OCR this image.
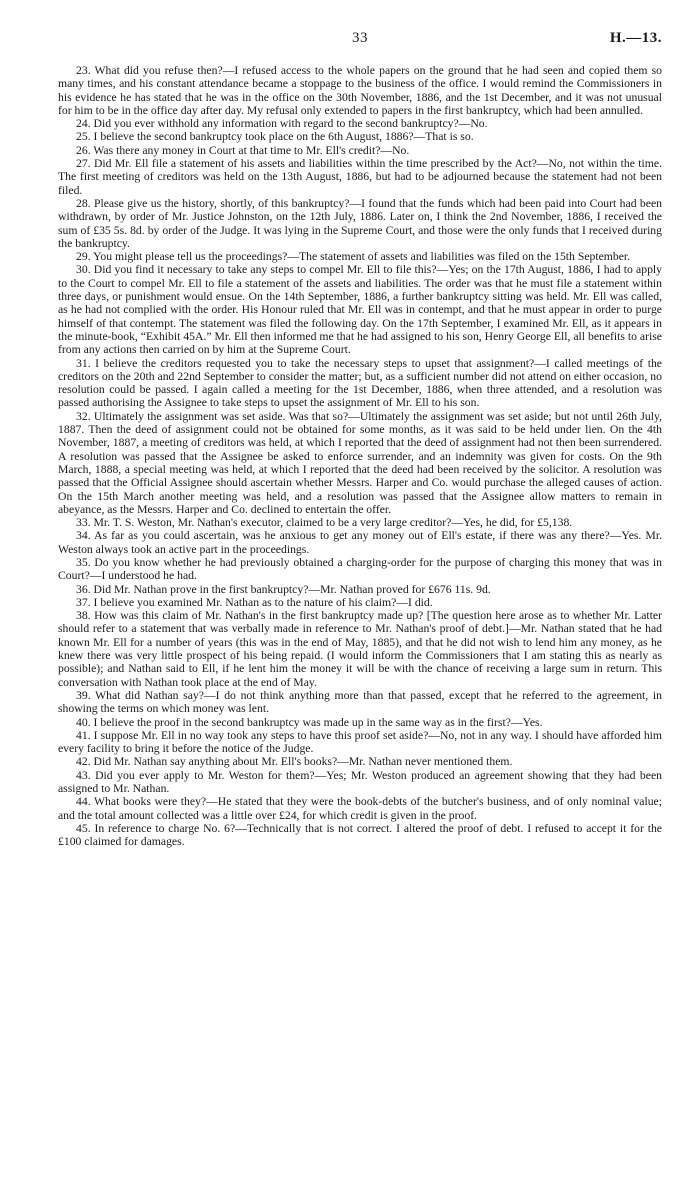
33	H.—13.

23. What did you refuse then?—I refused access to the whole papers on the ground that he had seen and copied them so many times, and his constant attendance became a stoppage to the business of the office. I would remind the Commissioners in his evidence he has stated that he was in the office on the 30th November, 1886, and the 1st December, and it was not unusual for him to be in the office day after day. My refusal only extended to papers in the first bankruptcy, which had been annulled.

24. Did you ever withhold any information with regard to the second bankruptcy?—No.

25. I believe the second bankruptcy took place on the 6th August, 1886?—That is so.

26. Was there any money in Court at that time to Mr. Ell's credit?—No.

27. Did Mr. Ell file a statement of his assets and liabilities within the time prescribed by the Act?—No, not within the time. The first meeting of creditors was held on the 13th August, 1886, but had to be adjourned because the statement had not been filed.

28. Please give us the history, shortly, of this bankruptcy?—I found that the funds which had been paid into Court had been withdrawn, by order of Mr. Justice Johnston, on the 12th July, 1886. Later on, I think the 2nd November, 1886, I received the sum of £35 5s. 8d. by order of the Judge. It was lying in the Supreme Court, and those were the only funds that I received during the bankruptcy.

29. You might please tell us the proceedings?—The statement of assets and liabilities was filed on the 15th September.

30. Did you find it necessary to take any steps to compel Mr. Ell to file this?—Yes; on the 17th August, 1886, I had to apply to the Court to compel Mr. Ell to file a statement of the assets and liabilities. The order was that he must file a statement within three days, or punishment would ensue. On the 14th September, 1886, a further bankruptcy sitting was held. Mr. Ell was called, as he had not complied with the order. His Honour ruled that Mr. Ell was in contempt, and that he must appear in order to purge himself of that contempt. The statement was filed the following day. On the 17th September, I examined Mr. Ell, as it appears in the minute-book, “Exhibit 45A.” Mr. Ell then informed me that he had assigned to his son, Henry George Ell, all benefits to arise from any actions then carried on by him at the Supreme Court.

31. I believe the creditors requested you to take the necessary steps to upset that assignment?—I called meetings of the creditors on the 20th and 22nd September to consider the matter; but, as a sufficient number did not attend on either occasion, no resolution could be passed. I again called a meeting for the 1st December, 1886, when three attended, and a resolution was passed authorising the Assignee to take steps to upset the assignment of Mr. Ell to his son.

32. Ultimately the assignment was set aside. Was that so?—Ultimately the assignment was set aside; but not until 26th July, 1887. Then the deed of assignment could not be obtained for some months, as it was said to be held under lien. On the 4th November, 1887, a meeting of creditors was held, at which I reported that the deed of assignment had not then been surrendered. A resolution was passed that the Assignee be asked to enforce surrender, and an indemnity was given for costs. On the 9th March, 1888, a special meeting was held, at which I reported that the deed had been received by the solicitor. A resolution was passed that the Official Assignee should ascertain whether Messrs. Harper and Co. would purchase the alleged causes of action. On the 15th March another meeting was held, and a resolution was passed that the Assignee allow matters to remain in abeyance, as the Messrs. Harper and Co. declined to entertain the offer.

33. Mr. T. S. Weston, Mr. Nathan's executor, claimed to be a very large creditor?—Yes, he did, for £5,138.

34. As far as you could ascertain, was he anxious to get any money out of Ell's estate, if there was any there?—Yes. Mr. Weston always took an active part in the proceedings.

35. Do you know whether he had previously obtained a charging-order for the purpose of charging this money that was in Court?—I understood he had.

36. Did Mr. Nathan prove in the first bankruptcy?—Mr. Nathan proved for £676 11s. 9d.

37. I believe you examined Mr. Nathan as to the nature of his claim?—I did.

38. How was this claim of Mr. Nathan's in the first bankruptcy made up? [The question here arose as to whether Mr. Latter should refer to a statement that was verbally made in reference to Mr. Nathan's proof of debt.]—Mr. Nathan stated that he had known Mr. Ell for a number of years (this was in the end of May, 1885), and that he did not wish to lend him any money, as he knew there was very little prospect of his being repaid. (I would inform the Commissioners that I am stating this as nearly as possible); and Nathan said to Ell, if he lent him the money it will be with the chance of receiving a large sum in return. This conversation with Nathan took place at the end of May.

39. What did Nathan say?—I do not think anything more than that passed, except that he referred to the agreement, in showing the terms on which money was lent.

40. I believe the proof in the second bankruptcy was made up in the same way as in the first?—Yes.

41. I suppose Mr. Ell in no way took any steps to have this proof set aside?—No, not in any way. I should have afforded him every facility to bring it before the notice of the Judge.

42. Did Mr. Nathan say anything about Mr. Ell's books?—Mr. Nathan never mentioned them.

43. Did you ever apply to Mr. Weston for them?—Yes; Mr. Weston produced an agreement showing that they had been assigned to Mr. Nathan.

44. What books were they?—He stated that they were the book-debts of the butcher's business, and of only nominal value; and the total amount collected was a little over £24, for which credit is given in the proof.

45. In reference to charge No. 6?—Technically that is not correct. I altered the proof of debt. I refused to accept it for the £100 claimed for damages.
